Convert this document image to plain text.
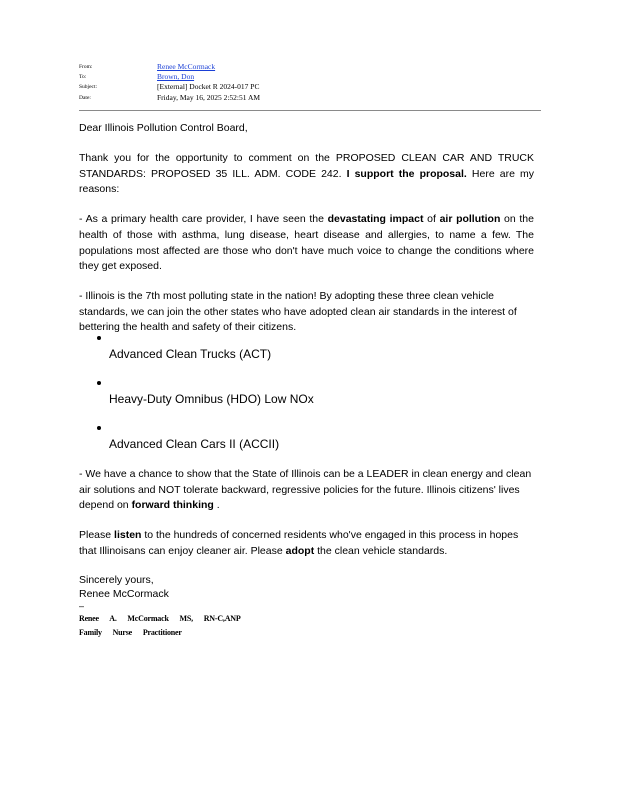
From:	Renee McCormack
To:	Brown, Don
Subject:	[External] Docket R 2024-017 PC
Date:	Friday, May 16, 2025 2:52:51 AM

Dear Illinois Pollution Control Board,

Thank you for the opportunity to comment on the PROPOSED CLEAN CAR AND TRUCK STANDARDS: PROPOSED 35 ILL. ADM. CODE 242. I support the proposal. Here are my reasons:

- As a primary health care provider, I have seen the devastating impact of air pollution on the health of those with asthma, lung disease, heart disease and allergies, to name a few. The populations most affected are those who don't have much voice to change the conditions where they get exposed.

- Illinois is the 7th most polluting state in the nation! By adopting these three clean vehicle standards, we can join the other states who have adopted clean air standards in the interest of bettering the health and safety of their citizens.

Advanced Clean Trucks (ACT)
Heavy-Duty Omnibus (HDO) Low NOx
Advanced Clean Cars II (ACCII)

- We have a chance to show that the State of Illinois can be a LEADER in clean energy and clean air solutions and NOT tolerate backward, regressive policies for the future. Illinois citizens' lives depend on forward thinking .

Please listen to the hundreds of concerned residents who've engaged in this process in hopes that Illinoisans can enjoy cleaner air. Please adopt the clean vehicle standards.

Sincerely yours,
Renee McCormack
–
Renee A. McCormack MS, RN-C,ANP
Family Nurse Practitioner
